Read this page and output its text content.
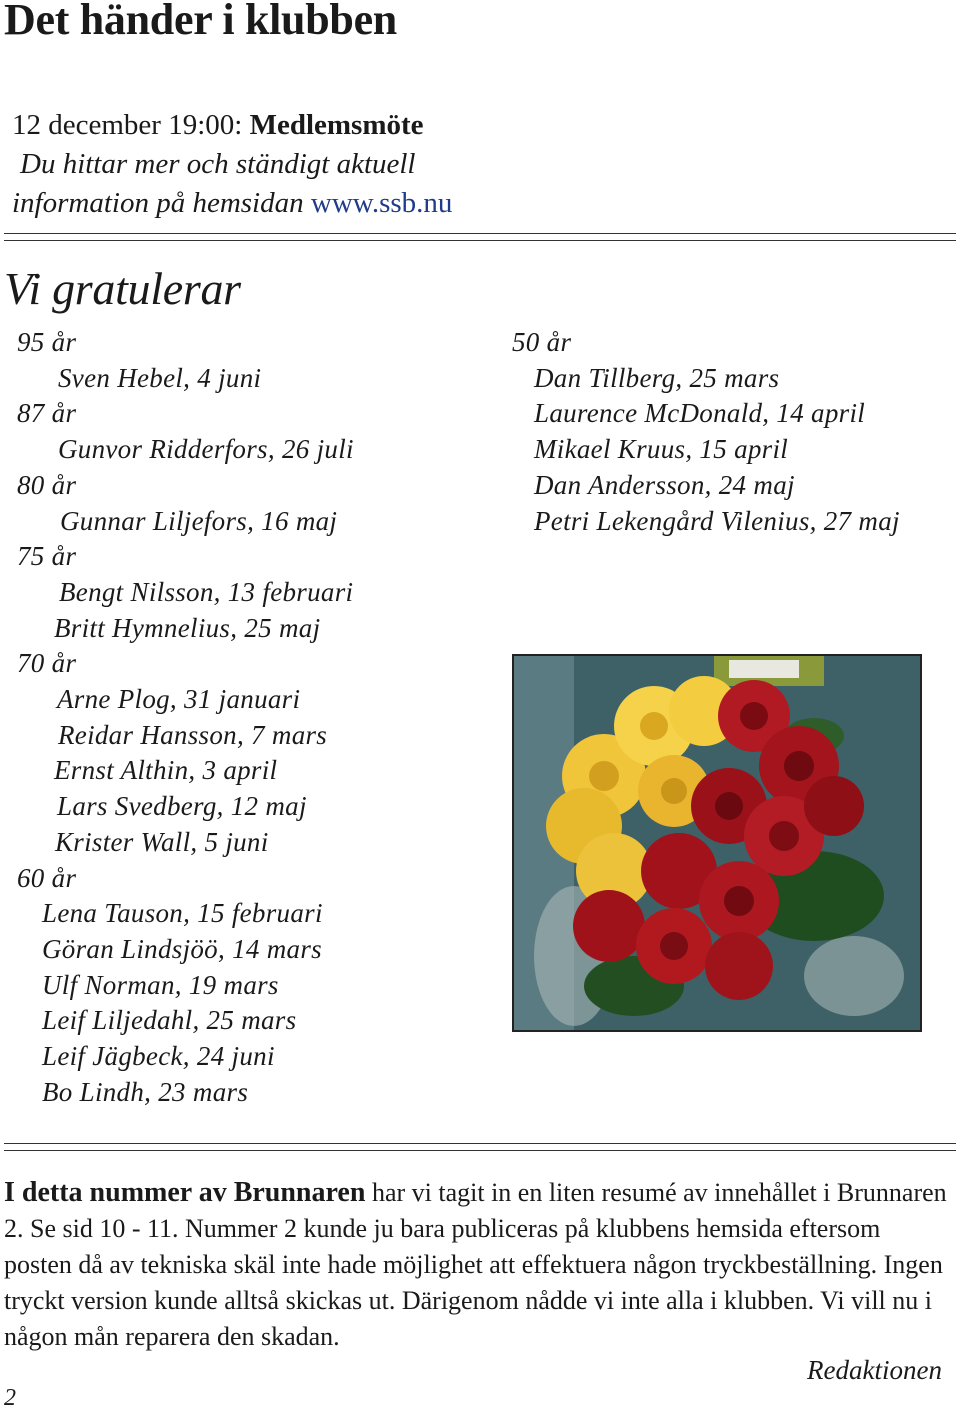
Det händer i klubben
12 december 19:00: Medlemsmöte
Du hittar mer och ständigt aktuell
information på hemsidan www.ssb.nu
Vi gratulerar
95 år
Sven Hebel, 4 juni
87 år
Gunvor Ridderfors, 26 juli
80 år
Gunnar Liljefors, 16 maj
75 år
Bengt Nilsson, 13 februari
Britt Hymnelius, 25 maj
70 år
Arne Plog, 31 januari
Reidar Hansson, 7 mars
Ernst Althin, 3 april
Lars Svedberg, 12 maj
Krister Wall, 5 juni
60 år
Lena Tauson, 15 februari
Göran Lindsjöö, 14 mars
Ulf Norman, 19 mars
Leif Liljedahl, 25 mars
Leif Jägbeck, 24 juni
Bo Lindh, 23 mars
50 år
Dan Tillberg, 25 mars
Laurence McDonald, 14 april
Mikael Kruus, 15 april
Dan Andersson, 24 maj
Petri Lekengård Vilenius, 27 maj
I detta nummer av Brunnaren har vi tagit in en liten resumé av innehållet i Brunnaren 2. Se sid 10 - 11. Nummer 2 kunde ju bara publiceras på klubbens hemsida eftersom posten då av tekniska skäl inte hade möjlighet att effektuera någon tryckbeställning. Ingen tryckt version kunde alltså skickas ut. Därigenom nådde vi inte alla i klubben. Vi vill nu i någon mån reparera den skadan.
Redaktionen
2
